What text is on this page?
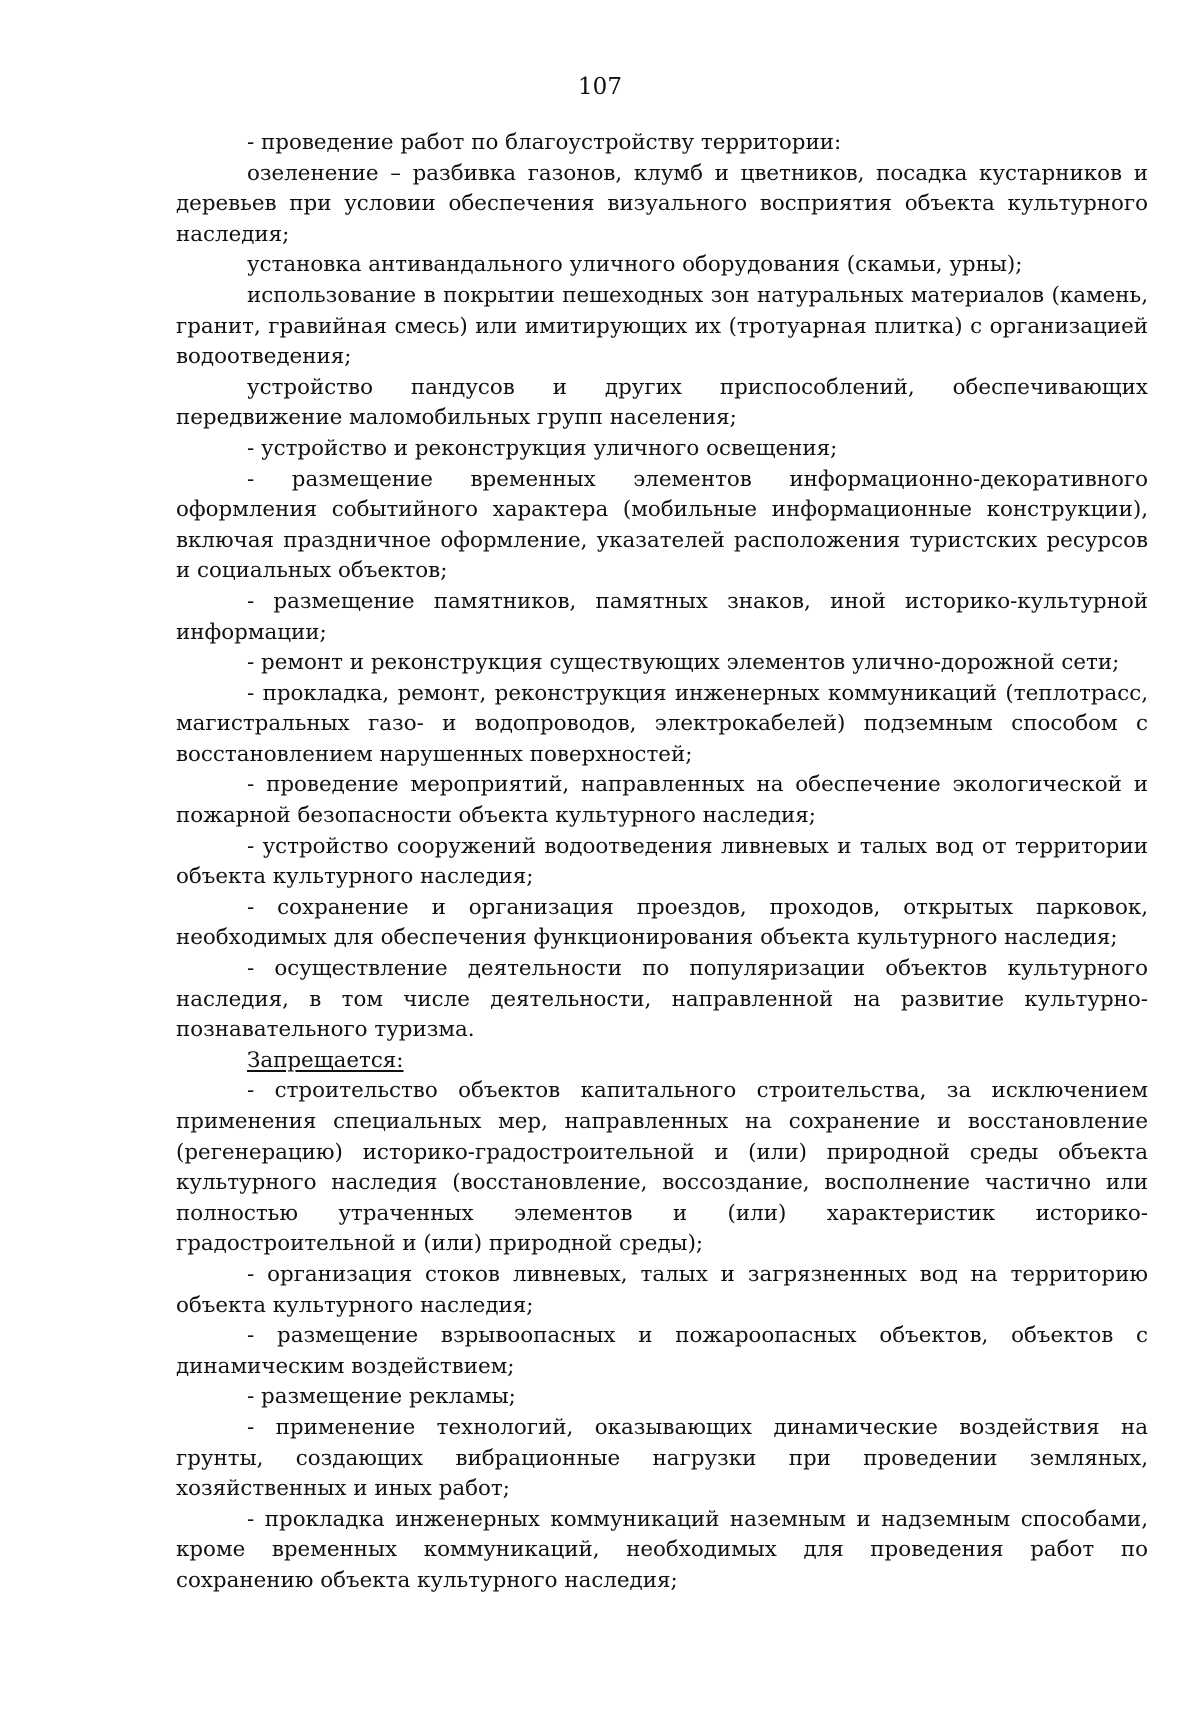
107

- проведение работ по благоустройству территории:

озеленение – разбивка газонов, клумб и цветников, посадка кустарников и деревьев при условии обеспечения визуального восприятия объекта культурного наследия;

установка антивандального уличного оборудования (скамьи, урны);

использование в покрытии пешеходных зон натуральных материалов (камень, гранит, гравийная смесь) или имитирующих их (тротуарная плитка) с организацией водоотведения;

устройство пандусов и других приспособлений, обеспечивающих передвижение маломобильных групп населения;

- устройство и реконструкция уличного освещения;

- размещение временных элементов информационно-декоративного оформления событийного характера (мобильные информационные конструкции), включая праздничное оформление, указателей расположения туристских ресурсов и социальных объектов;

- размещение памятников, памятных знаков, иной историко-культурной информации;

- ремонт и реконструкция существующих элементов улично-дорожной сети;

- прокладка, ремонт, реконструкция инженерных коммуникаций (теплотрасс, магистральных газо- и водопроводов, электрокабелей) подземным способом с восстановлением нарушенных поверхностей;

- проведение мероприятий, направленных на обеспечение экологической и пожарной безопасности объекта культурного наследия;

- устройство сооружений водоотведения ливневых и талых вод от территории объекта культурного наследия;

- сохранение и организация проездов, проходов, открытых парковок, необходимых для обеспечения функционирования объекта культурного наследия;

- осуществление деятельности по популяризации объектов культурного наследия, в том числе деятельности, направленной на развитие культурно-познавательного туризма.

Запрещается:

- строительство объектов капитального строительства, за исключением применения специальных мер, направленных на сохранение и восстановление (регенерацию) историко-градостроительной и (или) природной среды объекта культурного наследия (восстановление, воссоздание, восполнение частично или полностью утраченных элементов и (или) характеристик историко-градостроительной и (или) природной среды);

- организация стоков ливневых, талых и загрязненных вод на территорию объекта культурного наследия;

- размещение взрывоопасных и пожароопасных объектов, объектов с динамическим воздействием;

- размещение рекламы;

- применение технологий, оказывающих динамические воздействия на грунты, создающих вибрационные нагрузки при проведении земляных, хозяйственных и иных работ;

- прокладка инженерных коммуникаций наземным и надземным способами, кроме временных коммуникаций, необходимых для проведения работ по сохранению объекта культурного наследия;
